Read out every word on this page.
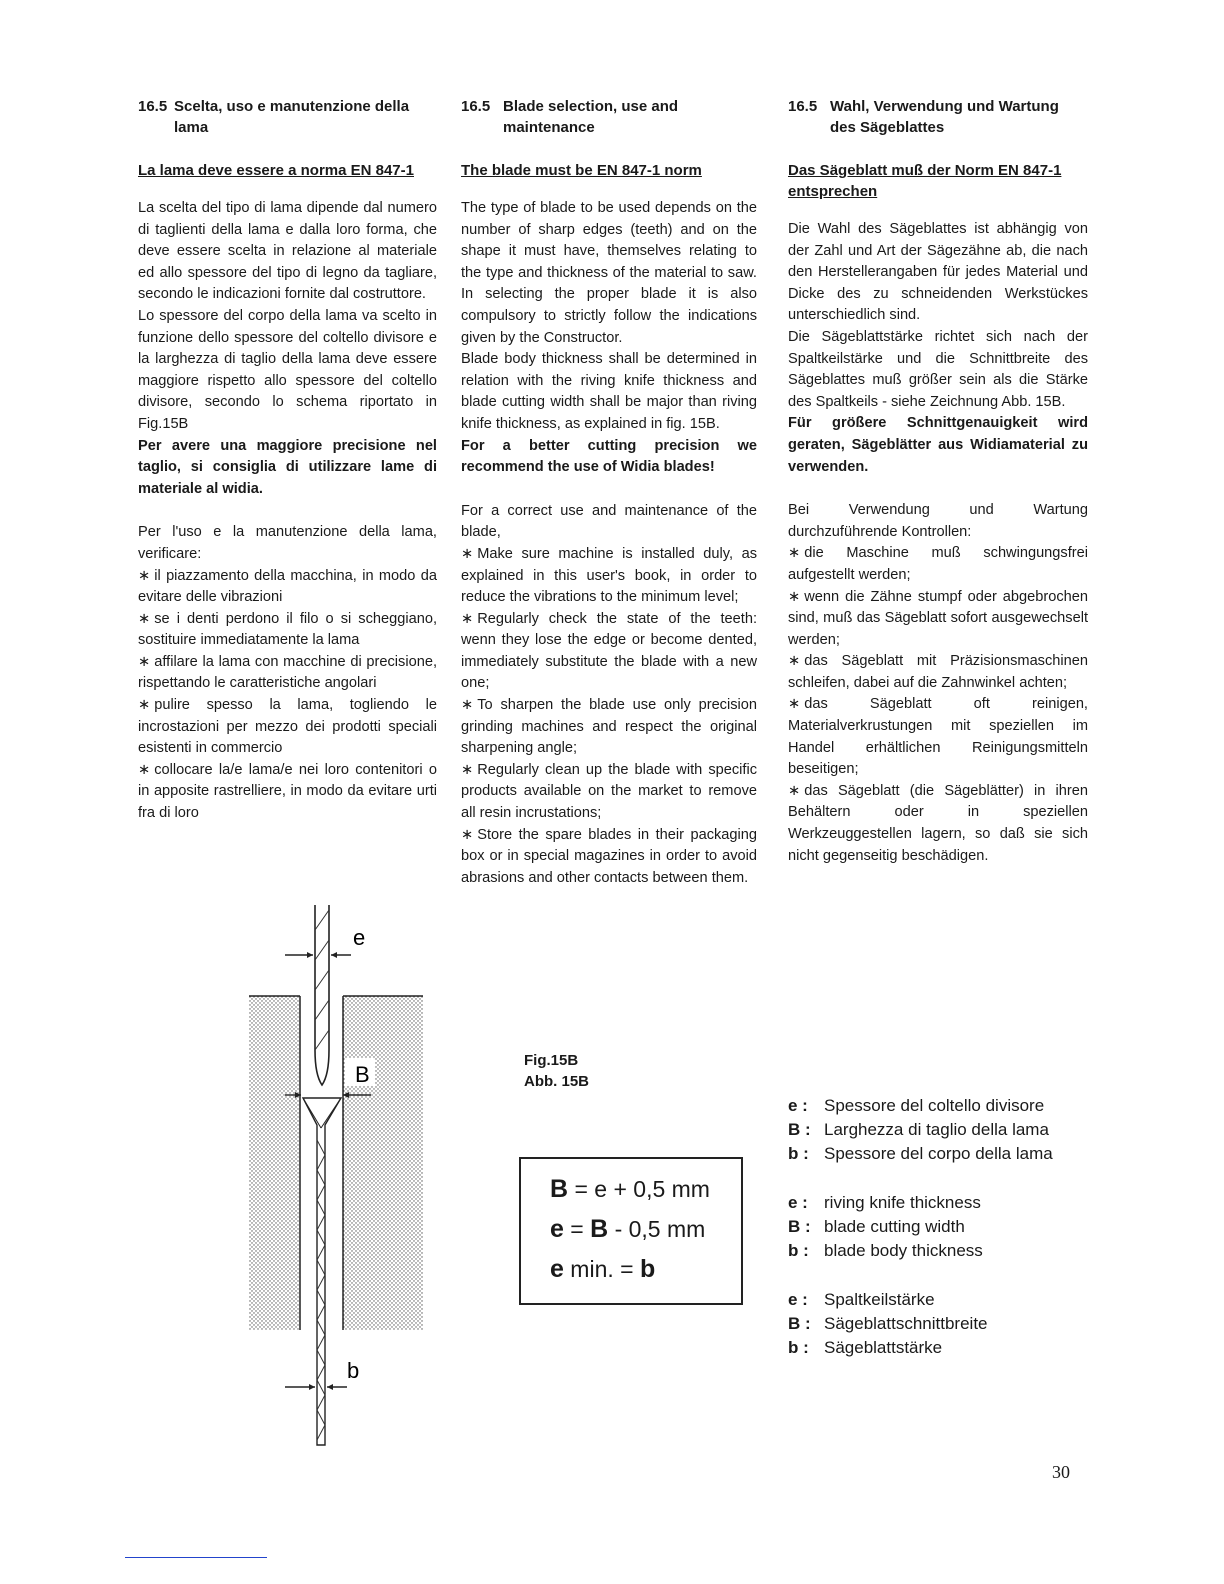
16.5 Scelta, uso e manutenzione della lama
La lama deve essere a norma EN 847-1

La scelta del tipo di lama dipende dal numero di taglienti della lama e dalla loro forma, che deve essere scelta in relazione al materiale ed allo spessore del tipo di legno da tagliare, secondo le indicazioni fornite dal costruttore.

Lo spessore del corpo della lama va scelto in funzione dello spessore del coltello divisore e la larghezza di taglio della lama deve essere maggiore rispetto allo spessore del coltello divisore, secondo lo schema riportato in Fig.15B

Per avere una maggiore precisione nel taglio, si consiglia di utilizzare lame di materiale al widia.

Per l'uso e la manutenzione della lama, verificare:

∗ il piazzamento della macchina, in modo da evitare delle vibrazioni
∗ se i denti perdono il filo o si scheggiano, sostituire immediatamente la lama
∗ affilare la lama con macchine di precisione, rispettando le caratteristiche angolari
∗ pulire spesso la lama, togliendo le incrostazioni per mezzo dei prodotti speciali esistenti in commercio
∗ collocare la/e lama/e nei loro contenitori o in apposite rastrelliere, in modo da evitare urti fra di loro
16.5 Blade selection, use and maintenance
The blade must be EN 847-1 norm

The type of blade to be used depends on the number of sharp edges (teeth) and on the shape it must have, themselves relating to the type and thickness of the material to saw. In selecting the proper blade it is also compulsory to strictly follow the indications given by the Constructor.

Blade body thickness shall be determined in relation with the riving knife thickness and blade cutting width shall be major than riving knife thickness, as explained in fig. 15B.

For a better cutting precision we recommend the use of Widia blades!

For a correct use and maintenance of the blade,

∗ Make sure machine is installed duly, as explained in this user's book, in order to reduce the vibrations to the minimum level;
∗ Regularly check the state of the teeth: wenn they lose the edge or become dented, immediately substitute the blade with a new one;
∗ To sharpen the blade use only precision grinding machines and respect the original sharpening angle;
∗ Regularly clean up the blade with specific products available on the market to remove all resin incrustations;
∗ Store the spare blades in their packaging box or in special magazines in order to avoid abrasions and other contacts between them.
16.5 Wahl, Verwendung und Wartung des Sägeblattes
Das Sägeblatt muß der Norm EN 847-1 entsprechen

Die Wahl des Sägeblattes ist abhängig von der Zahl und Art der Sägezähne ab, die nach den Herstellerangaben für jedes Material und Dicke des zu schneidenden Werkstückes unterschiedlich sind.

Die Sägeblattstärke richtet sich nach der Spaltkeilstärke und die Schnittbreite des Sägeblattes muß größer sein als die Stärke des Spaltkeils - siehe Zeichnung Abb. 15B.

Für größere Schnittgenauigkeit wird geraten, Sägeblätter aus Widiamaterial zu verwenden.

Bei Verwendung und Wartung durchzuführende Kontrollen:

∗ die Maschine muß schwingungsfrei aufgestellt werden;
∗ wenn die Zähne stumpf oder abgebrochen sind, muß das Sägeblatt sofort ausgewechselt werden;
∗ das Sägeblatt mit Präzisionsmaschinen schleifen, dabei auf die Zahnwinkel achten;
∗ das Sägeblatt oft reinigen, Materialverkrustungen mit speziellen im Handel erhältlichen Reinigungsmitteln beseitigen;
∗ das Sägeblatt (die Sägeblätter) in ihren Behältern oder in speziellen Werkzeuggestellen lagern, so daß sie sich nicht gegenseitig beschädigen.
e
B
b
Fig.15B
Abb. 15B
B = e + 0,5 mm
e = B - 0,5 mm
e min. = b
e : Spessore del coltello divisore
B : Larghezza di taglio della lama
b : Spessore del corpo della lama
e : riving knife thickness
B : blade cutting width
b : blade body thickness
e : Spaltkeilstärke
B : Sägeblattschnittbreite
b : Sägeblattstärke
30
